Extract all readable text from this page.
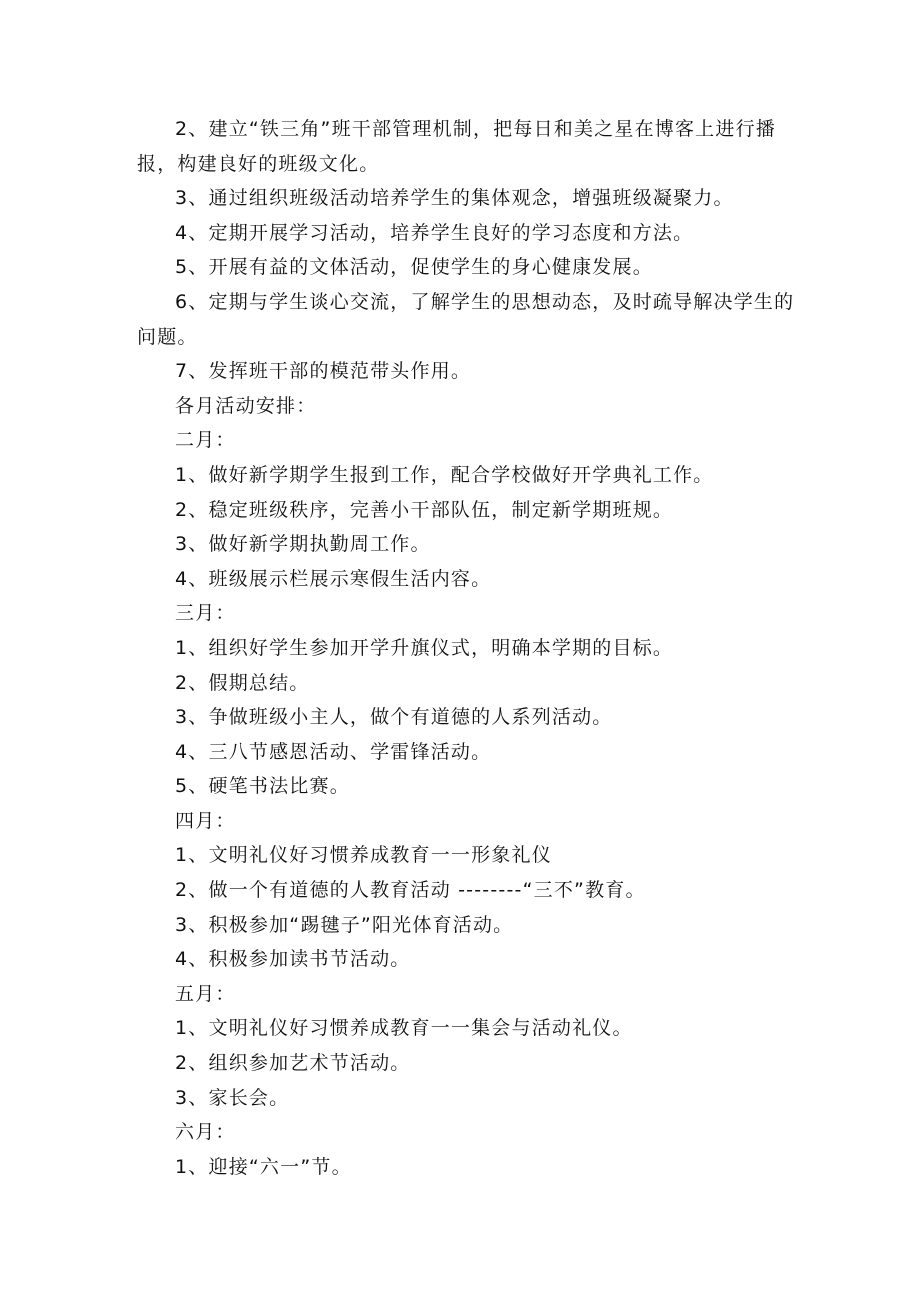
2、建立“铁三角”班干部管理机制，把每日和美之星在博客上进行播报，构建良好的班级文化。

3、通过组织班级活动培养学生的集体观念，增强班级凝聚力。

4、定期开展学习活动，培养学生良好的学习态度和方法。

5、开展有益的文体活动，促使学生的身心健康发展。

6、定期与学生谈心交流，了解学生的思想动态，及时疏导解决学生的问题。

7、发挥班干部的模范带头作用。

各月活动安排：

二月：

1、做好新学期学生报到工作，配合学校做好开学典礼工作。

2、稳定班级秩序，完善小干部队伍，制定新学期班规。

3、做好新学期执勤周工作。

4、班级展示栏展示寒假生活内容。

三月：

1、组织好学生参加开学升旗仪式，明确本学期的目标。

2、假期总结。

3、争做班级小主人，做个有道德的人系列活动。

4、三八节感恩活动、学雷锋活动。

5、硬笔书法比赛。

四月：

1、文明礼仪好习惯养成教育一一形象礼仪

2、做一个有道德的人教育活动 --------“三不”教育。

3、积极参加“踢毽子”阳光体育活动。

4、积极参加读书节活动。

五月：

1、文明礼仪好习惯养成教育一一集会与活动礼仪。

2、组织参加艺术节活动。

3、家长会。

六月：

1、迎接“六一”节。
